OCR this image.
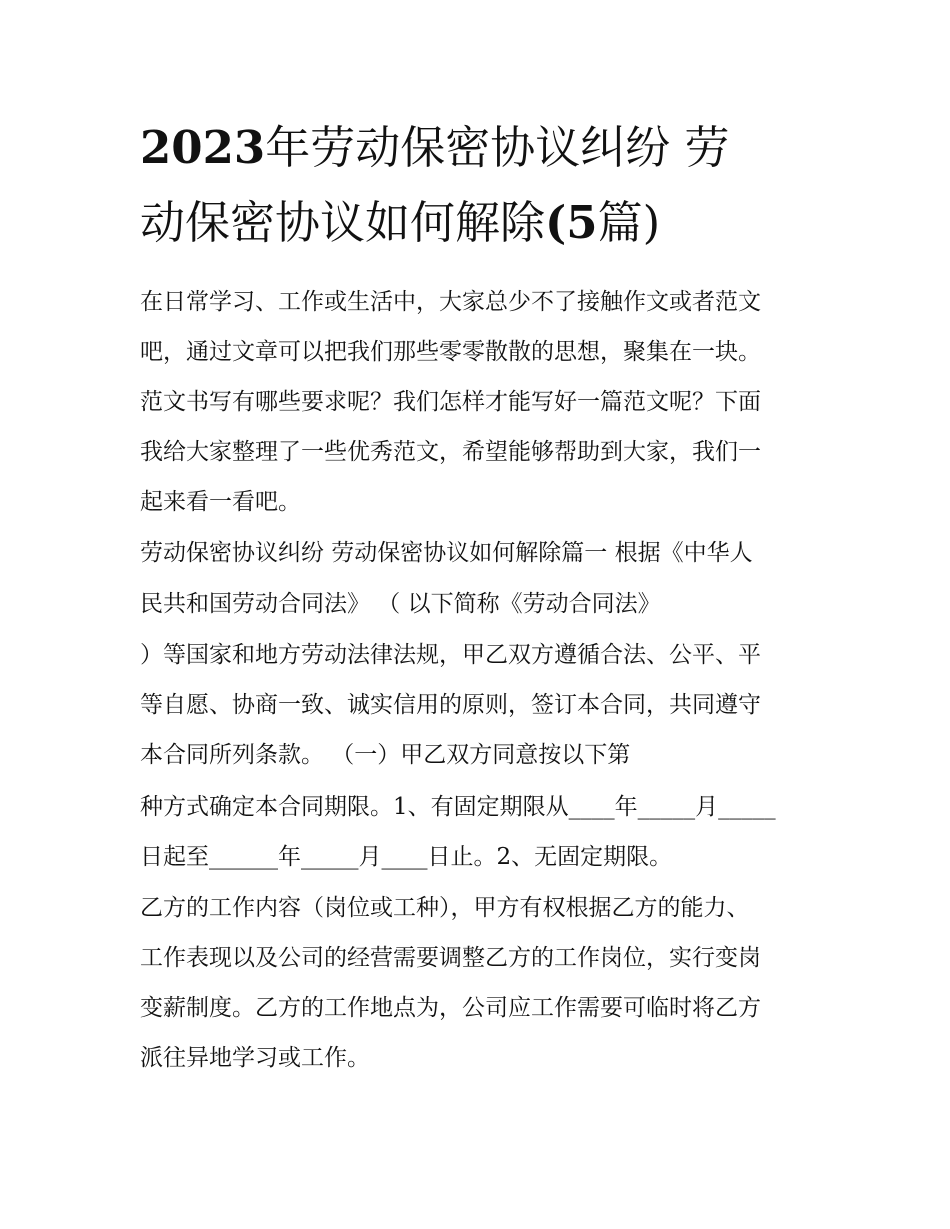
2023年劳动保密协议纠纷 劳
动保密协议如何解除(5篇)

在日常学习、工作或生活中，大家总少不了接触作文或者范文

吧，通过文章可以把我们那些零零散散的思想，聚集在一块。

范文书写有哪些要求呢？我们怎样才能写好一篇范文呢？下面

我给大家整理了一些优秀范文，希望能够帮助到大家，我们一

起来看一看吧。

劳动保密协议纠纷 劳动保密协议如何解除篇一 根据《中华人

民共和国劳动合同法》 （ 以下简称《劳动合同法》

）等国家和地方劳动法律法规，甲乙双方遵循合法、公平、平

等自愿、协商一致、诚实信用的原则，签订本合同，共同遵守

本合同所列条款。 （一）甲乙双方同意按以下第

种方式确定本合同期限。1、有固定期限从____年_____月_____

日起至______年_____月____日止。2、无固定期限。

乙方的工作内容（岗位或工种），甲方有权根据乙方的能力、

工作表现以及公司的经营需要调整乙方的工作岗位，实行变岗

变薪制度。乙方的工作地点为，公司应工作需要可临时将乙方

派往异地学习或工作。
